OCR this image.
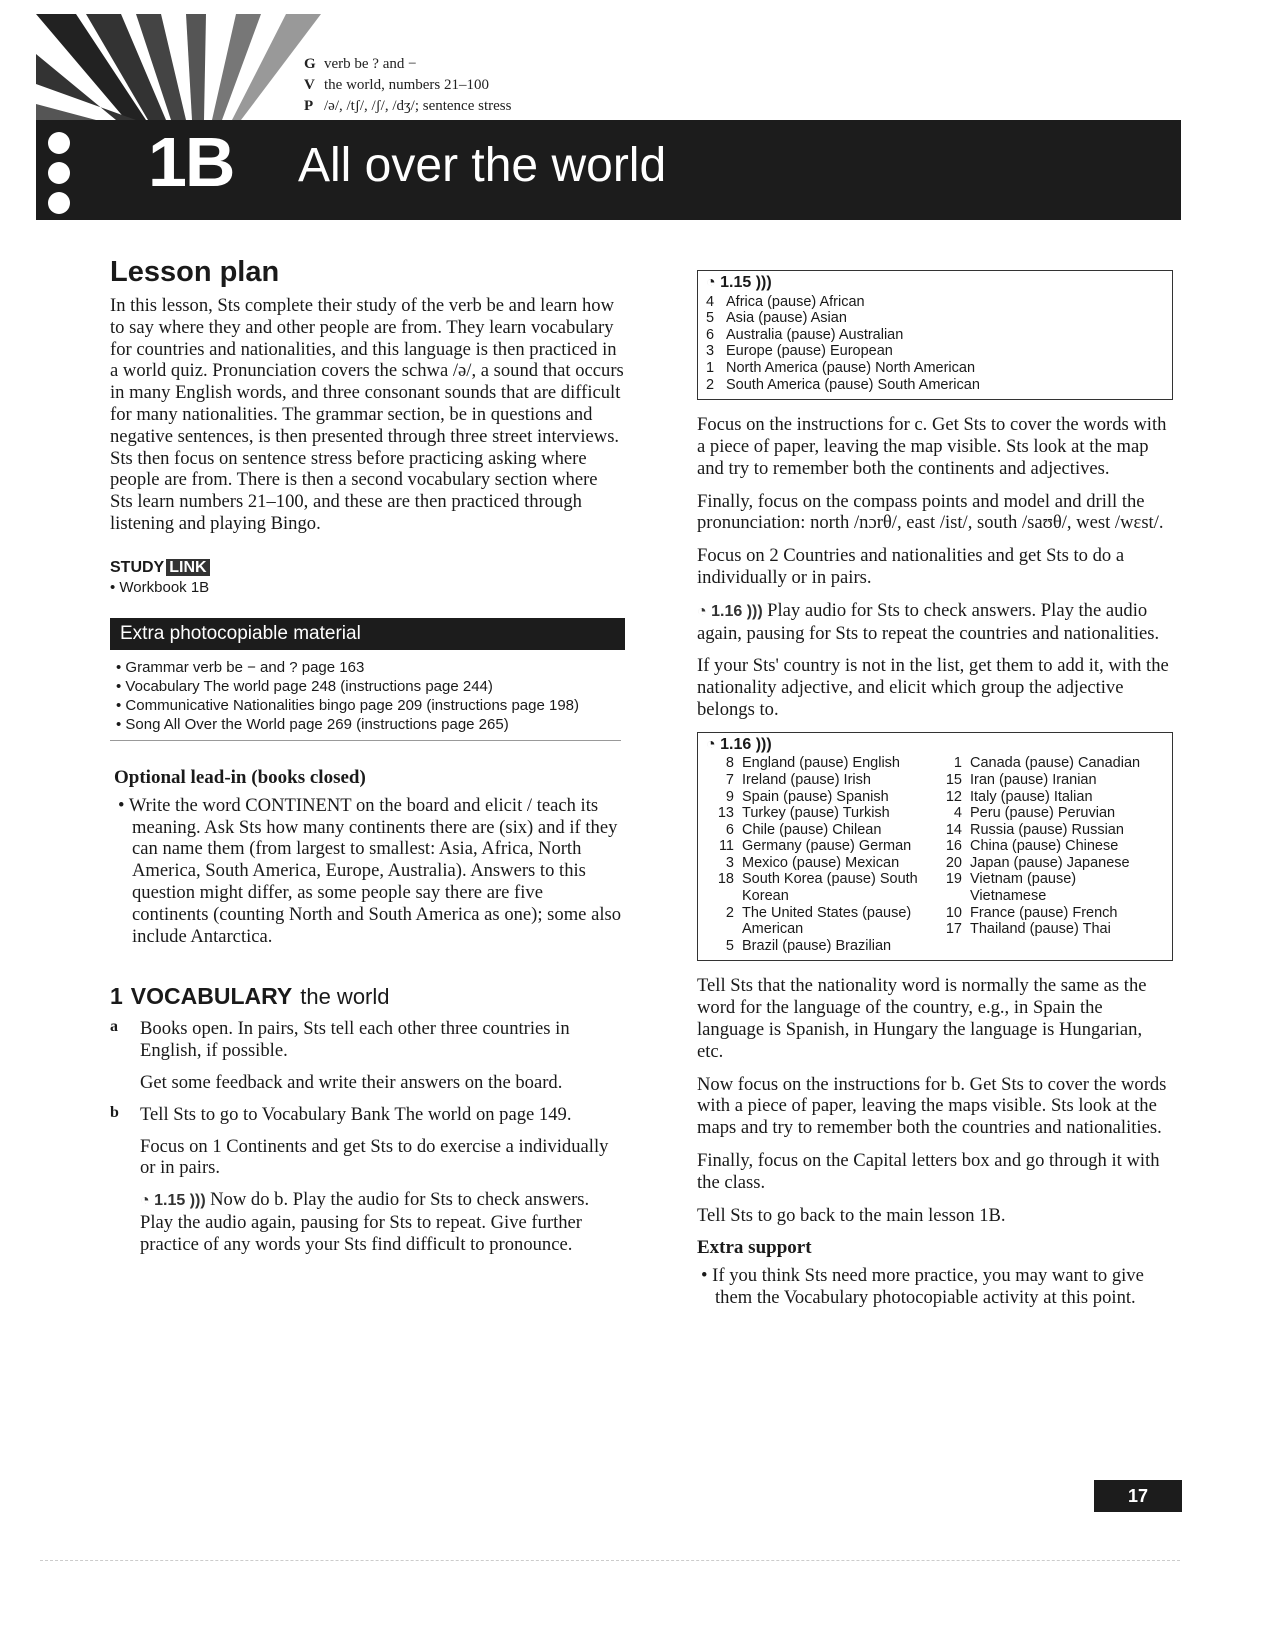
G verb be ? and −
V the world, numbers 21–100
P /ə/, /tʃ/, /ʃ/, /dʒ/; sentence stress
1B All over the world
Lesson plan

In this lesson, Sts complete their study of the verb be and learn how to say where they and other people are from. They learn vocabulary for countries and nationalities, and this language is then practiced in a world quiz. Pronunciation covers the schwa /ə/, a sound that occurs in many English words, and three consonant sounds that are difficult for many nationalities. The grammar section, be in questions and negative sentences, is then presented through three street interviews. Sts then focus on sentence stress before practicing asking where people are from. There is then a second vocabulary section where Sts learn numbers 21–100, and these are then practiced through listening and playing Bingo.

STUDY LINK
• Workbook 1B
Extra photocopiable material
• Grammar verb be − and ? page 163
• Vocabulary The world page 248 (instructions page 244)
• Communicative Nationalities bingo page 209 (instructions page 198)
• Song All Over the World page 269 (instructions page 265)
Optional lead-in (books closed)

• Write the word CONTINENT on the board and elicit / teach its meaning. Ask Sts how many continents there are (six) and if they can name them (from largest to smallest: Asia, Africa, North America, South America, Europe, Australia). Answers to this question might differ, as some people say there are five continents (counting North and South America as one); some also include Antarctica.

1 VOCABULARY the world
a Books open. In pairs, Sts tell each other three countries in English, if possible.

Get some feedback and write their answers on the board.

b Tell Sts to go to Vocabulary Bank The world on page 149.

Focus on 1 Continents and get Sts to do exercise a individually or in pairs.

◔ 1.15 ))) Now do b. Play the audio for Sts to check answers. Play the audio again, pausing for Sts to repeat. Give further practice of any words your Sts find difficult to pronounce.

◔ 1.15 )))
4 Africa (pause) African
5 Asia (pause) Asian
6 Australia (pause) Australian
3 Europe (pause) European
1 North America (pause) North American
2 South America (pause) South American

Focus on the instructions for c. Get Sts to cover the words with a piece of paper, leaving the map visible. Sts look at the map and try to remember both the continents and adjectives.

Finally, focus on the compass points and model and drill the pronunciation: north /nɔrθ/, east /ist/, south /saʊθ/, west /wɛst/.

Focus on 2 Countries and nationalities and get Sts to do a individually or in pairs.

◔ 1.16 ))) Play audio for Sts to check answers. Play the audio again, pausing for Sts to repeat the countries and nationalities.

If your Sts' country is not in the list, get them to add it, with the nationality adjective, and elicit which group the adjective belongs to.

◔ 1.16 )))
8 England (pause) English
7 Ireland (pause) Irish
9 Spain (pause) Spanish
13 Turkey (pause) Turkish
6 Chile (pause) Chilean
11 Germany (pause) German
3 Mexico (pause) Mexican
18 South Korea (pause) South Korean
2 The United States (pause) American
5 Brazil (pause) Brazilian
1 Canada (pause) Canadian
15 Iran (pause) Iranian
12 Italy (pause) Italian
4 Peru (pause) Peruvian
14 Russia (pause) Russian
16 China (pause) Chinese
20 Japan (pause) Japanese
19 Vietnam (pause) Vietnamese
10 France (pause) French
17 Thailand (pause) Thai

Tell Sts that the nationality word is normally the same as the word for the language of the country, e.g., in Spain the language is Spanish, in Hungary the language is Hungarian, etc.

Now focus on the instructions for b. Get Sts to cover the words with a piece of paper, leaving the maps visible. Sts look at the maps and try to remember both the countries and nationalities.

Finally, focus on the Capital letters box and go through it with the class.

Tell Sts to go back to the main lesson 1B.

Extra support

• If you think Sts need more practice, you may want to give them the Vocabulary photocopiable activity at this point.

17
